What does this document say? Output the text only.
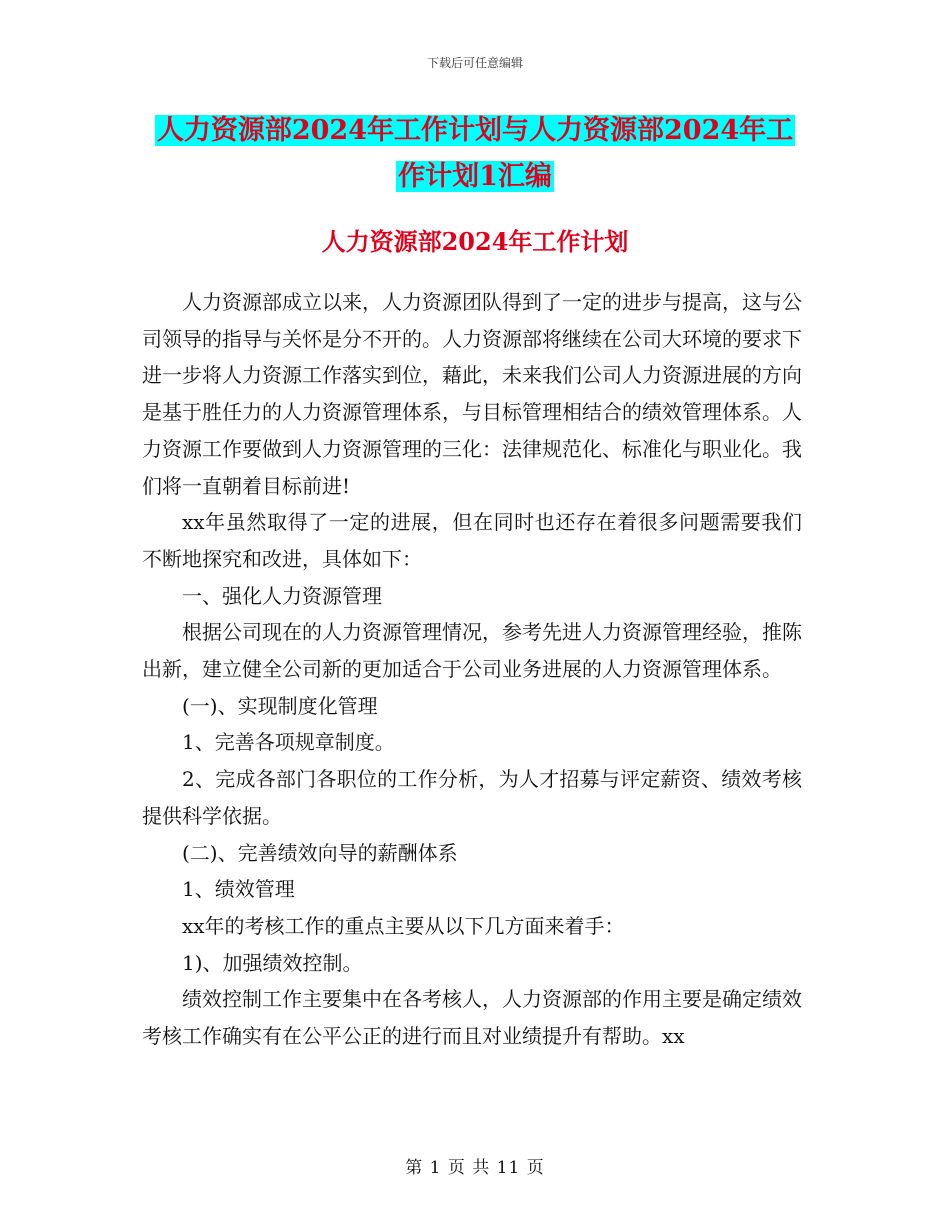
下载后可任意编辑
人力资源部2024年工作计划与人力资源部2024年工
作计划1汇编
人力资源部2024年工作计划

人力资源部成立以来，人力资源团队得到了一定的进步与提高，这与公司领导的指导与关怀是分不开的。人力资源部将继续在公司大环境的要求下进一步将人力资源工作落实到位，藉此，未来我们公司人力资源进展的方向是基于胜任力的人力资源管理体系，与目标管理相结合的绩效管理体系。人力资源工作要做到人力资源管理的三化：法律规范化、标准化与职业化。我们将一直朝着目标前进!

xx年虽然取得了一定的进展，但在同时也还存在着很多问题需要我们不断地探究和改进，具体如下：

一、强化人力资源管理

根据公司现在的人力资源管理情况，参考先进人力资源管理经验，推陈出新，建立健全公司新的更加适合于公司业务进展的人力资源管理体系。

(一)、实现制度化管理

1、完善各项规章制度。

2、完成各部门各职位的工作分析，为人才招募与评定薪资、绩效考核提供科学依据。

(二)、完善绩效向导的薪酬体系

1、绩效管理

xx年的考核工作的重点主要从以下几方面来着手：

1)、加强绩效控制。

绩效控制工作主要集中在各考核人，人力资源部的作用主要是确定绩效考核工作确实有在公平公正的进行而且对业绩提升有帮助。xx

第 1 页 共 11 页
